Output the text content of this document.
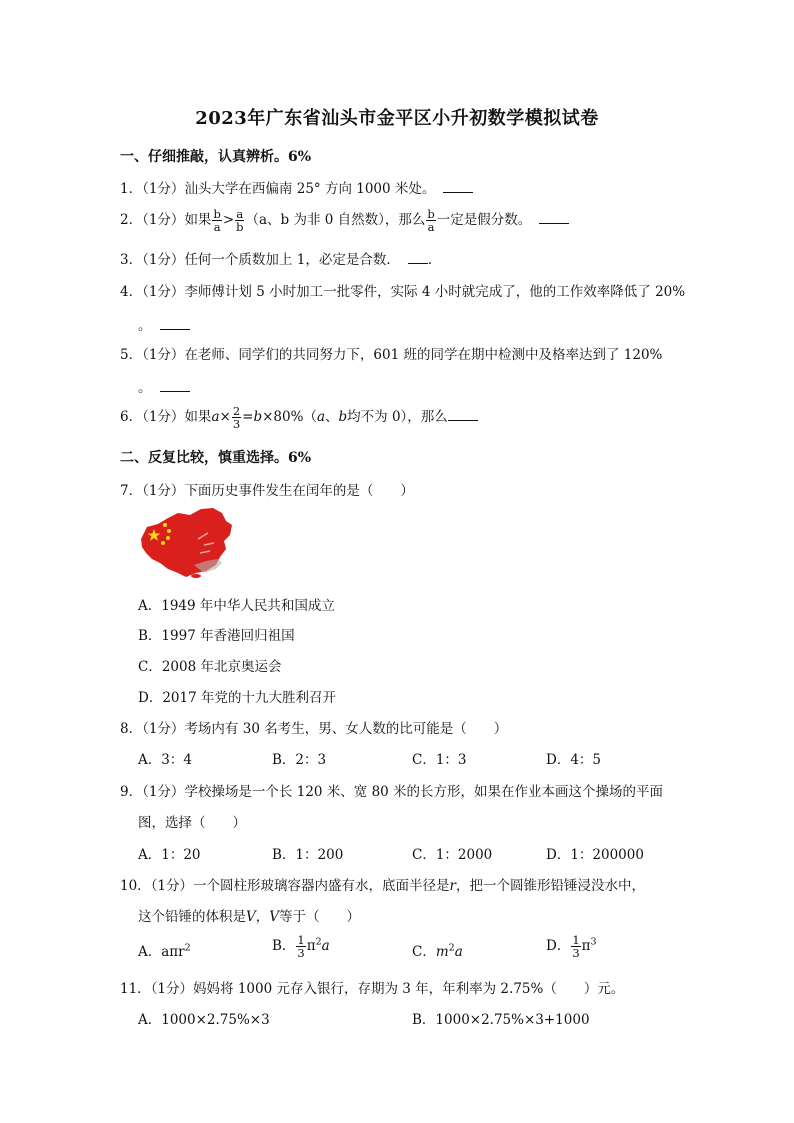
2023年广东省汕头市金平区小升初数学模拟试卷
一、仔细推敲，认真辨析。6%
1．（1分）汕头大学在西偏南 25° 方向 1000 米处。
2．（1分）如果 $\frac{b}{a} > \frac{a}{b} (a$、b 为非 0 自然数），那么 $\frac{b}{a}$ 一定是假分数。
3．（1分）任何一个质数加上 1，必定是合数． ．
4．（1分）李师傅计划 5 小时加工一批零件，实际 4 小时就完成了，他的工作效率降低了 20%
。
5．（1分）在老师、同学们的共同努力下，601 班的同学在期中检测中及格率达到了 120%
。
6．（1分）如果$a\times \frac{2}{3} =b\times 80\%(a$、b均不为 0），那么
二、反复比较，慎重选择。6%
7．（1分）下面历史事件发生在闰年的是（　　）
A．1949 年中华人民共和国成立
B．1997 年香港回归祖国
C．2008 年北京奥运会
D．2017 年党的十九大胜利召开
8．（1分）考场内有 30 名考生，男、女人数的比可能是（　　）
A．3：4	B．2：3	C．1：3	D．4：5
9．（1分）学校操场是一个长 120 米、宽 80 米的长方形，如果在作业本画这个操场的平面
图，选择（　　）
A．1：20	B．1：200	C．1：2000	D．1：200000
10．（1分）一个圆柱形玻璃容器内盛有水，底面半径是r，把一个圆锥形铅锤浸没水中，
这个铅锤的体积是V，V等于（　　）
A．aπr$^2$	B． $\frac{1}{3} \pi^2a$	C．$m^2a$	D． $\frac{1}{3} \pi^3$
11．（1分）妈妈将 1000 元存入银行，存期为 3 年，年利率为 2.75%（　　）元。
A．1000×2.75%×3	B．1000×2.75%×3+1000
